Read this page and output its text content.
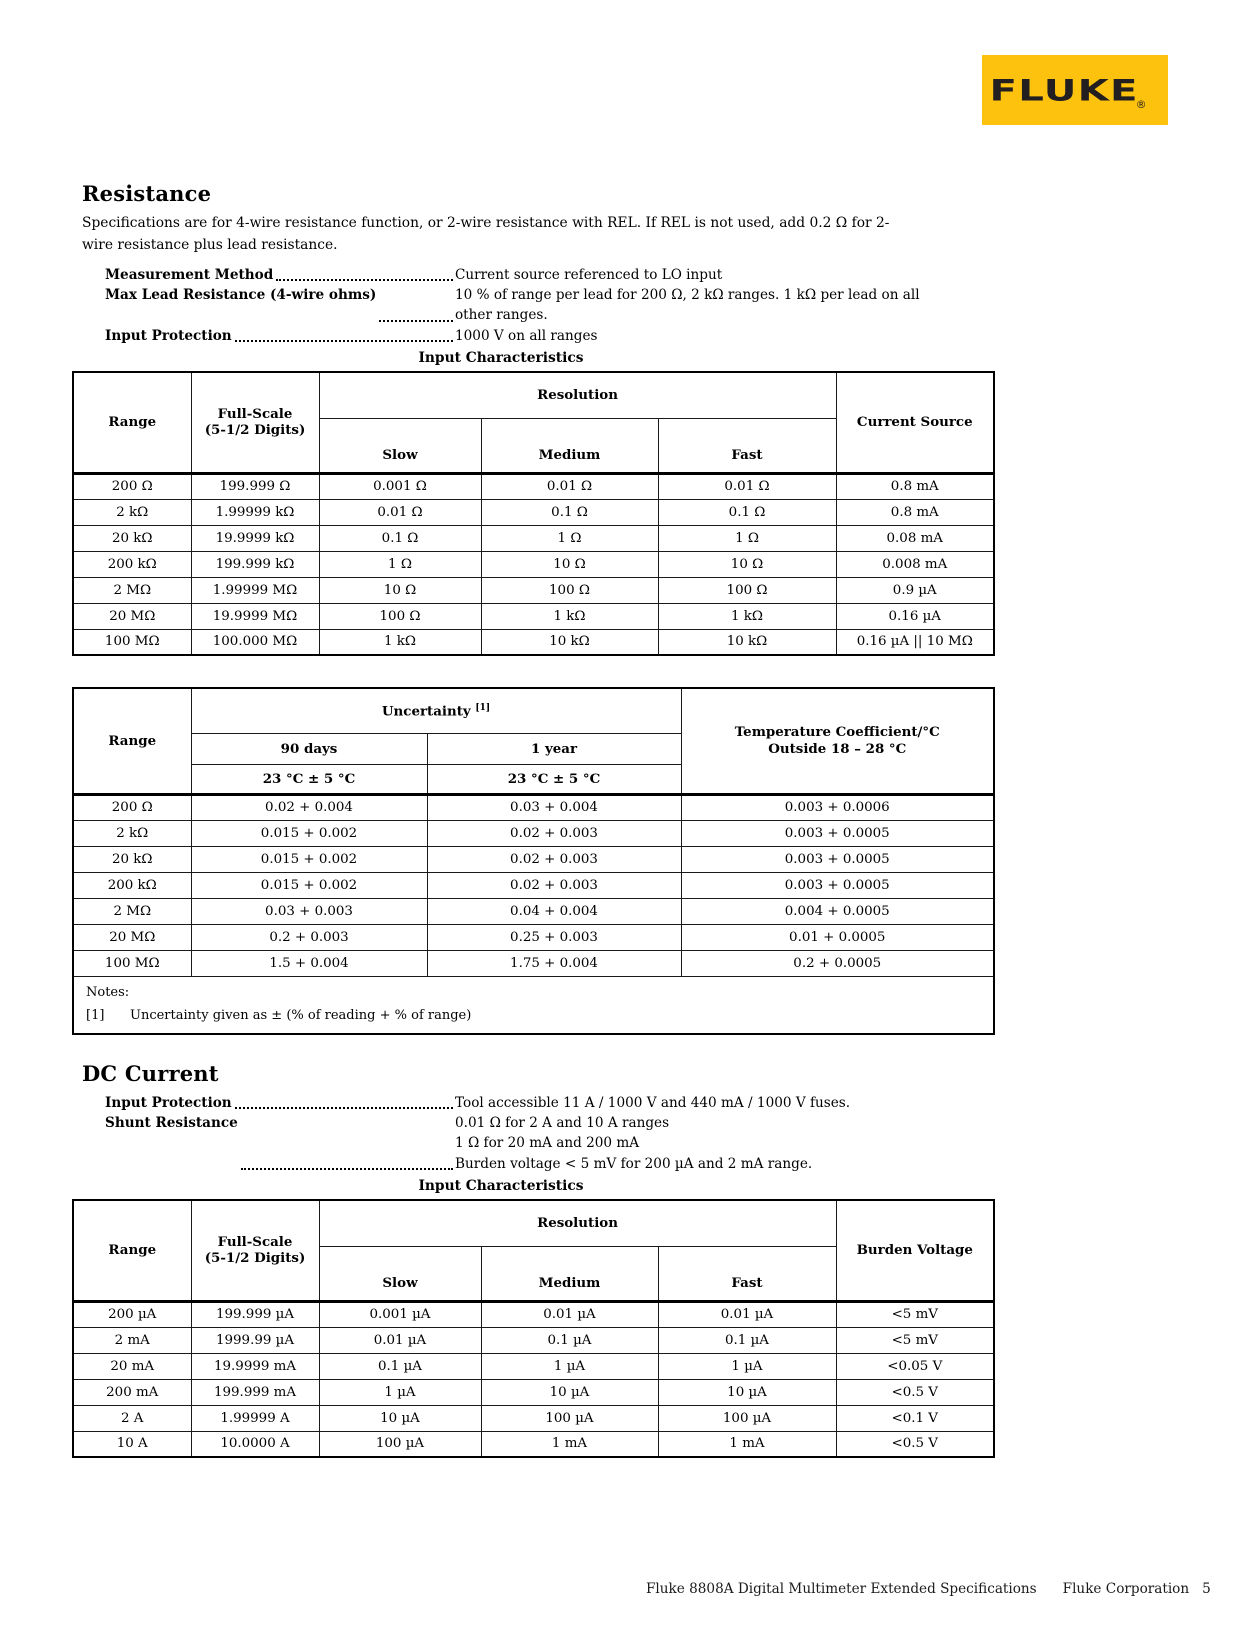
FLUKE
®
Resistance

Specifications are for 4-wire resistance function, or 2-wire resistance with REL. If REL is not used, add 0.2 Ω for 2-wire resistance plus lead resistance.

Measurement Method	Current source referenced to LO input
Max Lead Resistance (4-wire ohms)	10 % of range per lead for 200 Ω, 2 kΩ ranges. 1 kΩ per lead on all other ranges.
Input Protection	1000 V on all ranges
Input Characteristics
Range	Full-Scale
(5-1/2 Digits)	Resolution			Current Source
		Slow	Medium	Fast	
200 Ω	199.999 Ω	0.001 Ω	0.01 Ω	0.01 Ω	0.8 mA
2 kΩ	1.99999 kΩ	0.01 Ω	0.1 Ω	0.1 Ω	0.8 mA
20 kΩ	19.9999 kΩ	0.1 Ω	1 Ω	1 Ω	0.08 mA
200 kΩ	199.999 kΩ	1 Ω	10 Ω	10 Ω	0.008 mA
2 MΩ	1.99999 MΩ	10 Ω	100 Ω	100 Ω	0.9 µA
20 MΩ	19.9999 MΩ	100 Ω	1 kΩ	1 kΩ	0.16 µA
100 MΩ	100.000 MΩ	1 kΩ	10 kΩ	10 kΩ	0.16 µA || 10 MΩ
Range	Uncertainty [1]		Temperature Coefficient/°C
Outside 18 – 28 °C

	90 days	1 year	
	23 °C ± 5 °C	23 °C ± 5 °C	
200 Ω	0.02 + 0.004	0.03 + 0.004	0.003 + 0.0006
2 kΩ	0.015 + 0.002	0.02 + 0.003	0.003 + 0.0005
20 kΩ	0.015 + 0.002	0.02 + 0.003	0.003 + 0.0005
200 kΩ	0.015 + 0.002	0.02 + 0.003	0.003 + 0.0005
2 MΩ	0.03 + 0.003	0.04 + 0.004	0.004 + 0.0005
20 MΩ	0.2 + 0.003	0.25 + 0.003	0.01 + 0.0005
100 MΩ	1.5 + 0.004	1.75 + 0.004	0.2 + 0.0005

Notes:
[1] Uncertainty given as ± (% of reading + % of range)			
DC Current
Input Protection	Tool accessible 11 A / 1000 V and 440 mA / 1000 V fuses.
Shunt Resistance	0.01 Ω for 2 A and 10 A ranges
1 Ω for 20 mA and 200 mA
Burden voltage < 5 mV for 200 µA and 2 mA range.
Input Characteristics
Range	Full-Scale
(5-1/2 Digits)	Resolution			Burden Voltage
		Slow	Medium	Fast	
200 µA	199.999 µA	0.001 µA	0.01 µA	0.01 µA	<5 mV
2 mA	1999.99 µA	0.01 µA	0.1 µA	0.1 µA	<5 mV
20 mA	19.9999 mA	0.1 µA	1 µA	1 µA	<0.05 V
200 mA	199.999 mA	1 µA	10 µA	10 µA	<0.5 V
2 A	1.99999 A	10 µA	100 µA	100 µA	<0.1 V
10 A	10.0000 A	100 µA	1 mA	1 mA	<0.5 V
Fluke 8808A Digital Multimeter Extended Specifications Fluke Corporation 5
